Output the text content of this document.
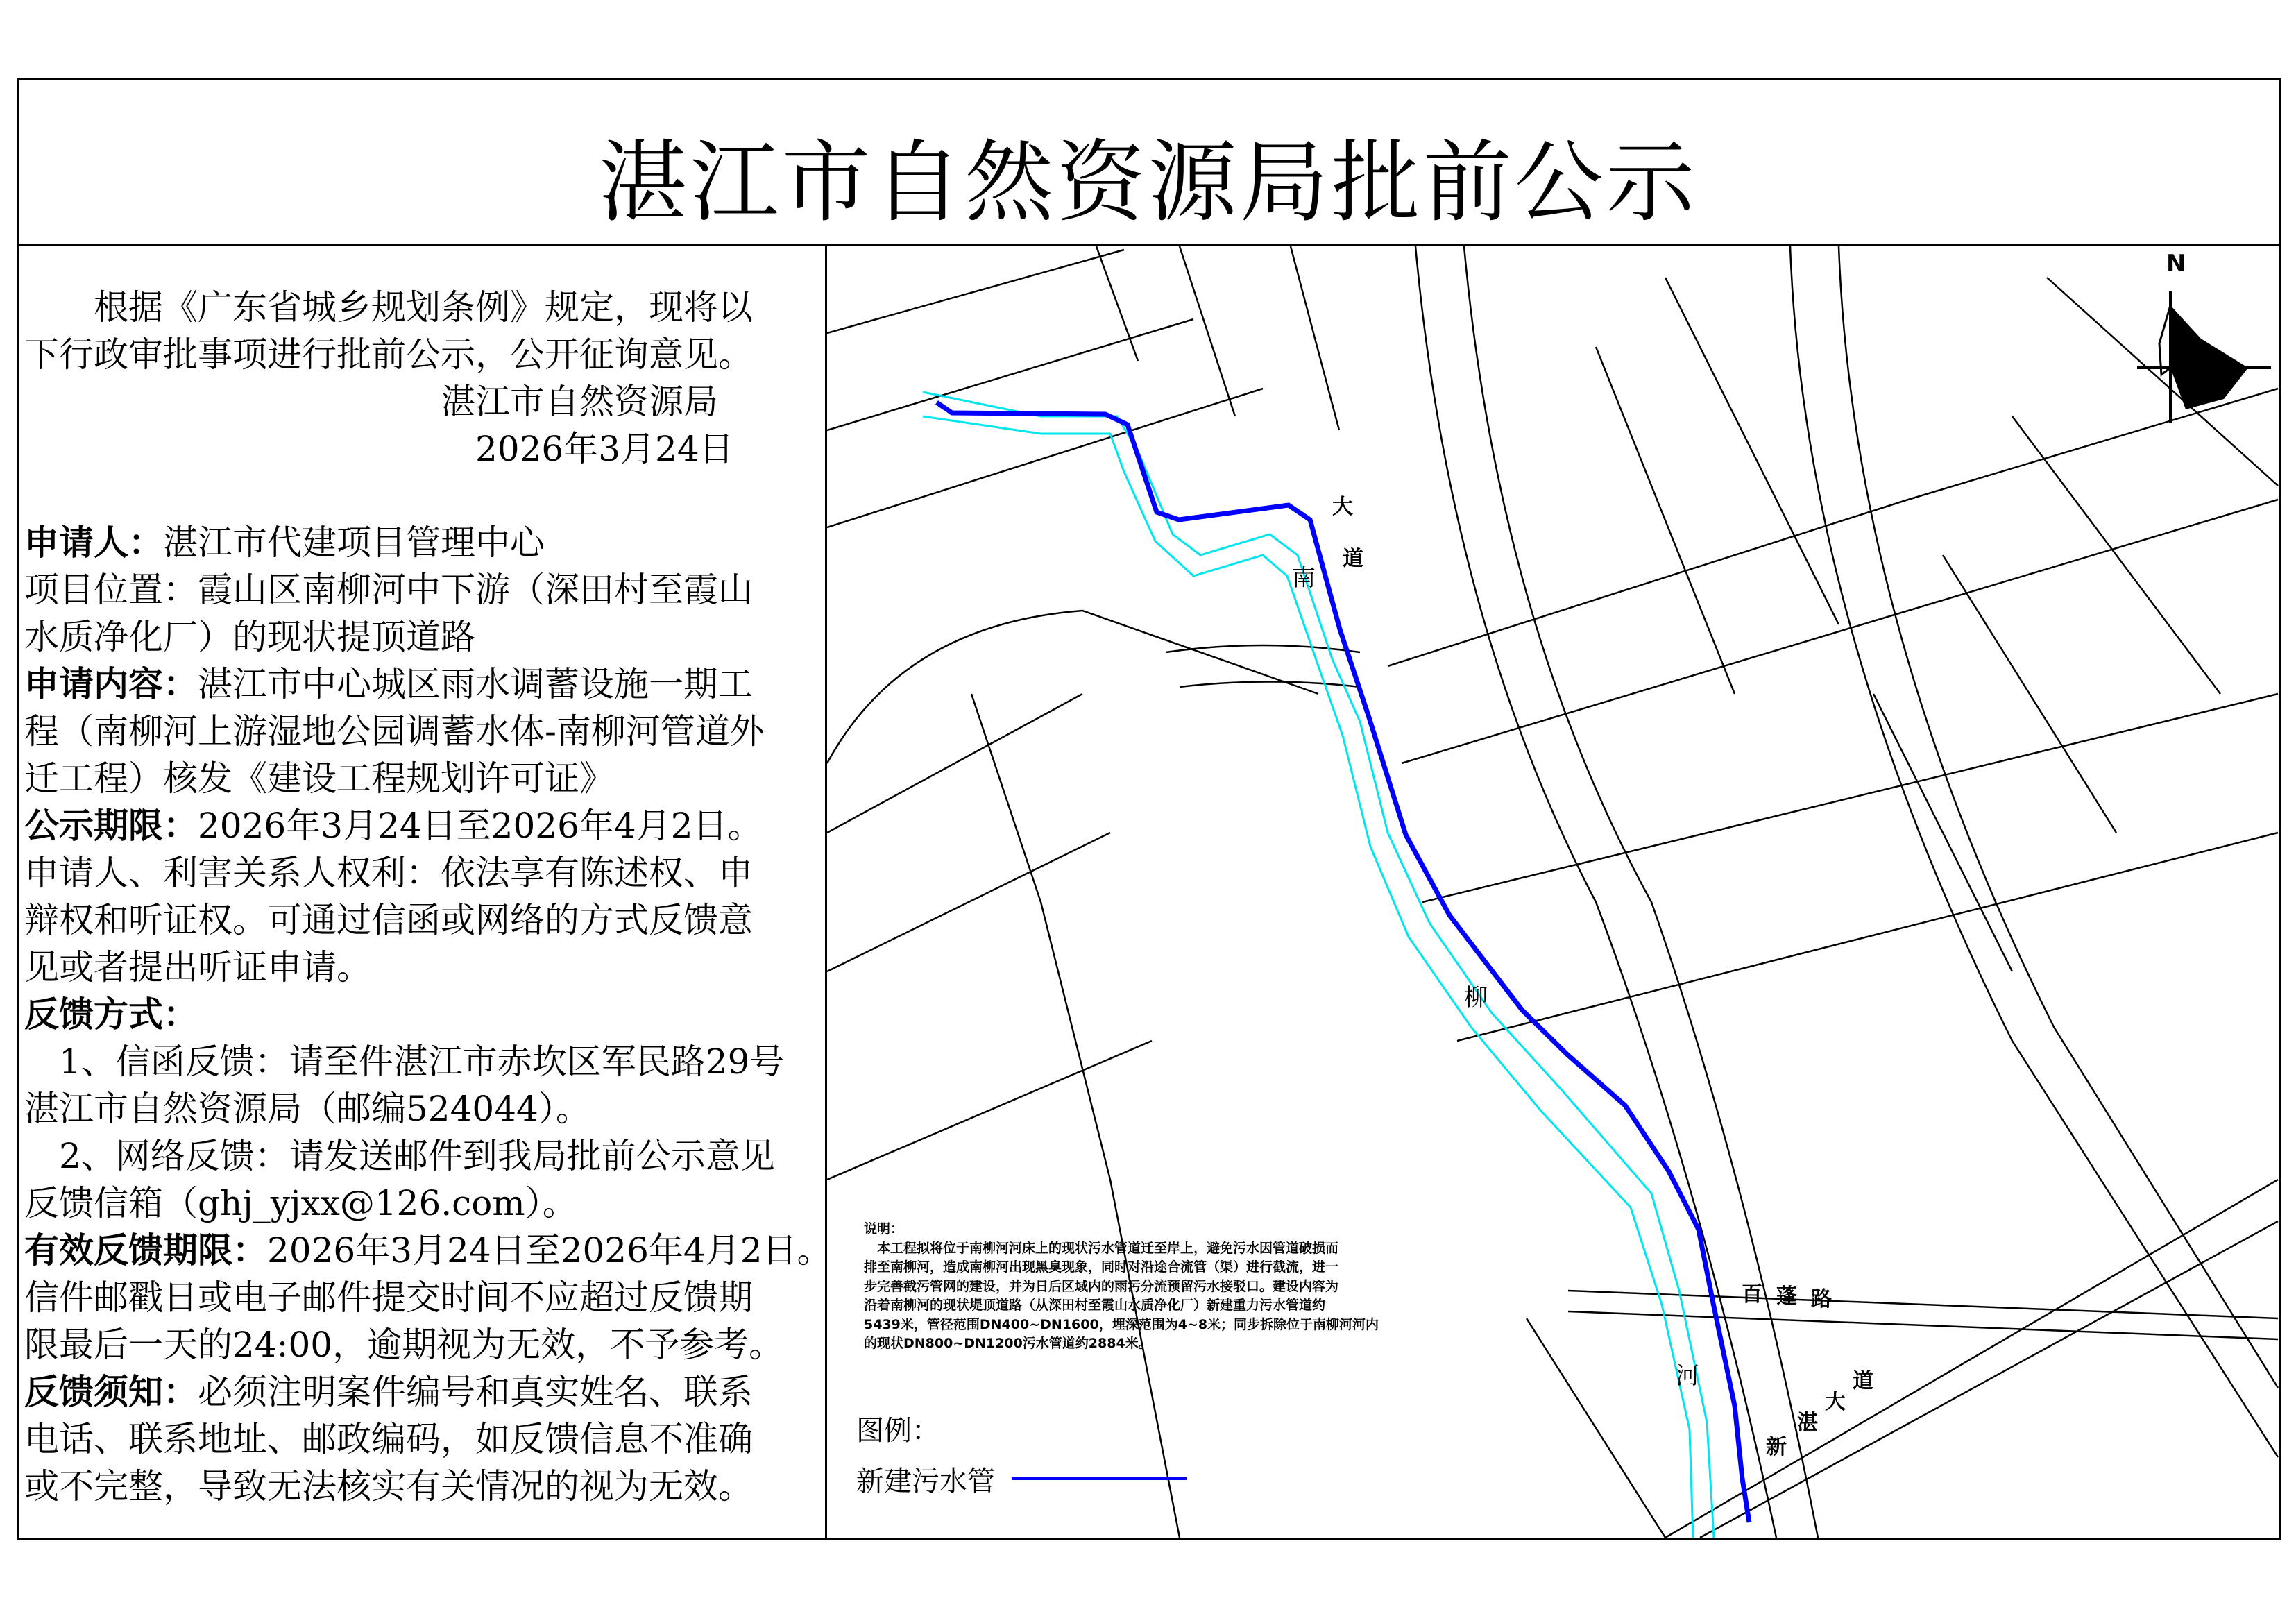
湛江市自然资源局批前公示
　　根据《广东省城乡规划条例》规定，现将以
下行政审批事项进行批前公示，公开征询意见。
　　　　　　　　　　　　湛江市自然资源局
　　　　　　　　　　　　　2026年3月24日
申请人：湛江市代建项目管理中心
项目位置：霞山区南柳河中下游（深田村至霞山
水质净化厂）的现状提顶道路
申请内容：湛江市中心城区雨水调蓄设施一期工
程（南柳河上游湿地公园调蓄水体-南柳河管道外
迁工程）核发《建设工程规划许可证》
公示期限：2026年3月24日至2026年4月2日。
申请人、利害关系人权利：依法享有陈述权、申
辩权和听证权。可通过信函或网络的方式反馈意
见或者提出听证申请。
反馈方式：
　1、信函反馈：请至件湛江市赤坎区军民路29号
湛江市自然资源局（邮编524044）。
　2、网络反馈：请发送邮件到我局批前公示意见
反馈信箱（ghj_yjxx@126.com）。
有效反馈期限：2026年3月24日至2026年4月2日。
信件邮戳日或电子邮件提交时间不应超过反馈期
限最后一天的24:00，逾期视为无效，不予参考。
反馈须知：必须注明案件编号和真实姓名、联系
电话、联系地址、邮政编码，如反馈信息不准确
或不完整，导致无法核实有关情况的视为无效。
N
南
柳
河
大
道
百 蓬 路
新
湛
大
道

说明：

　本工程拟将位于南柳河河床上的现状污水管道迁至岸上，避免污水因管道破损而

排至南柳河，造成南柳河出现黑臭现象，同时对沿途合流管（渠）进行截流，进一

步完善截污管网的建设，并为日后区域内的雨污分流预留污水接驳口。建设内容为

沿着南柳河的现状堤顶道路（从深田村至霞山水质净化厂）新建重力污水管道约

5439米，管径范围DN400~DN1600，埋深范围为4~8米；同步拆除位于南柳河河内

的现状DN800~DN1200污水管道约2884米。

图例：
新建污水管
